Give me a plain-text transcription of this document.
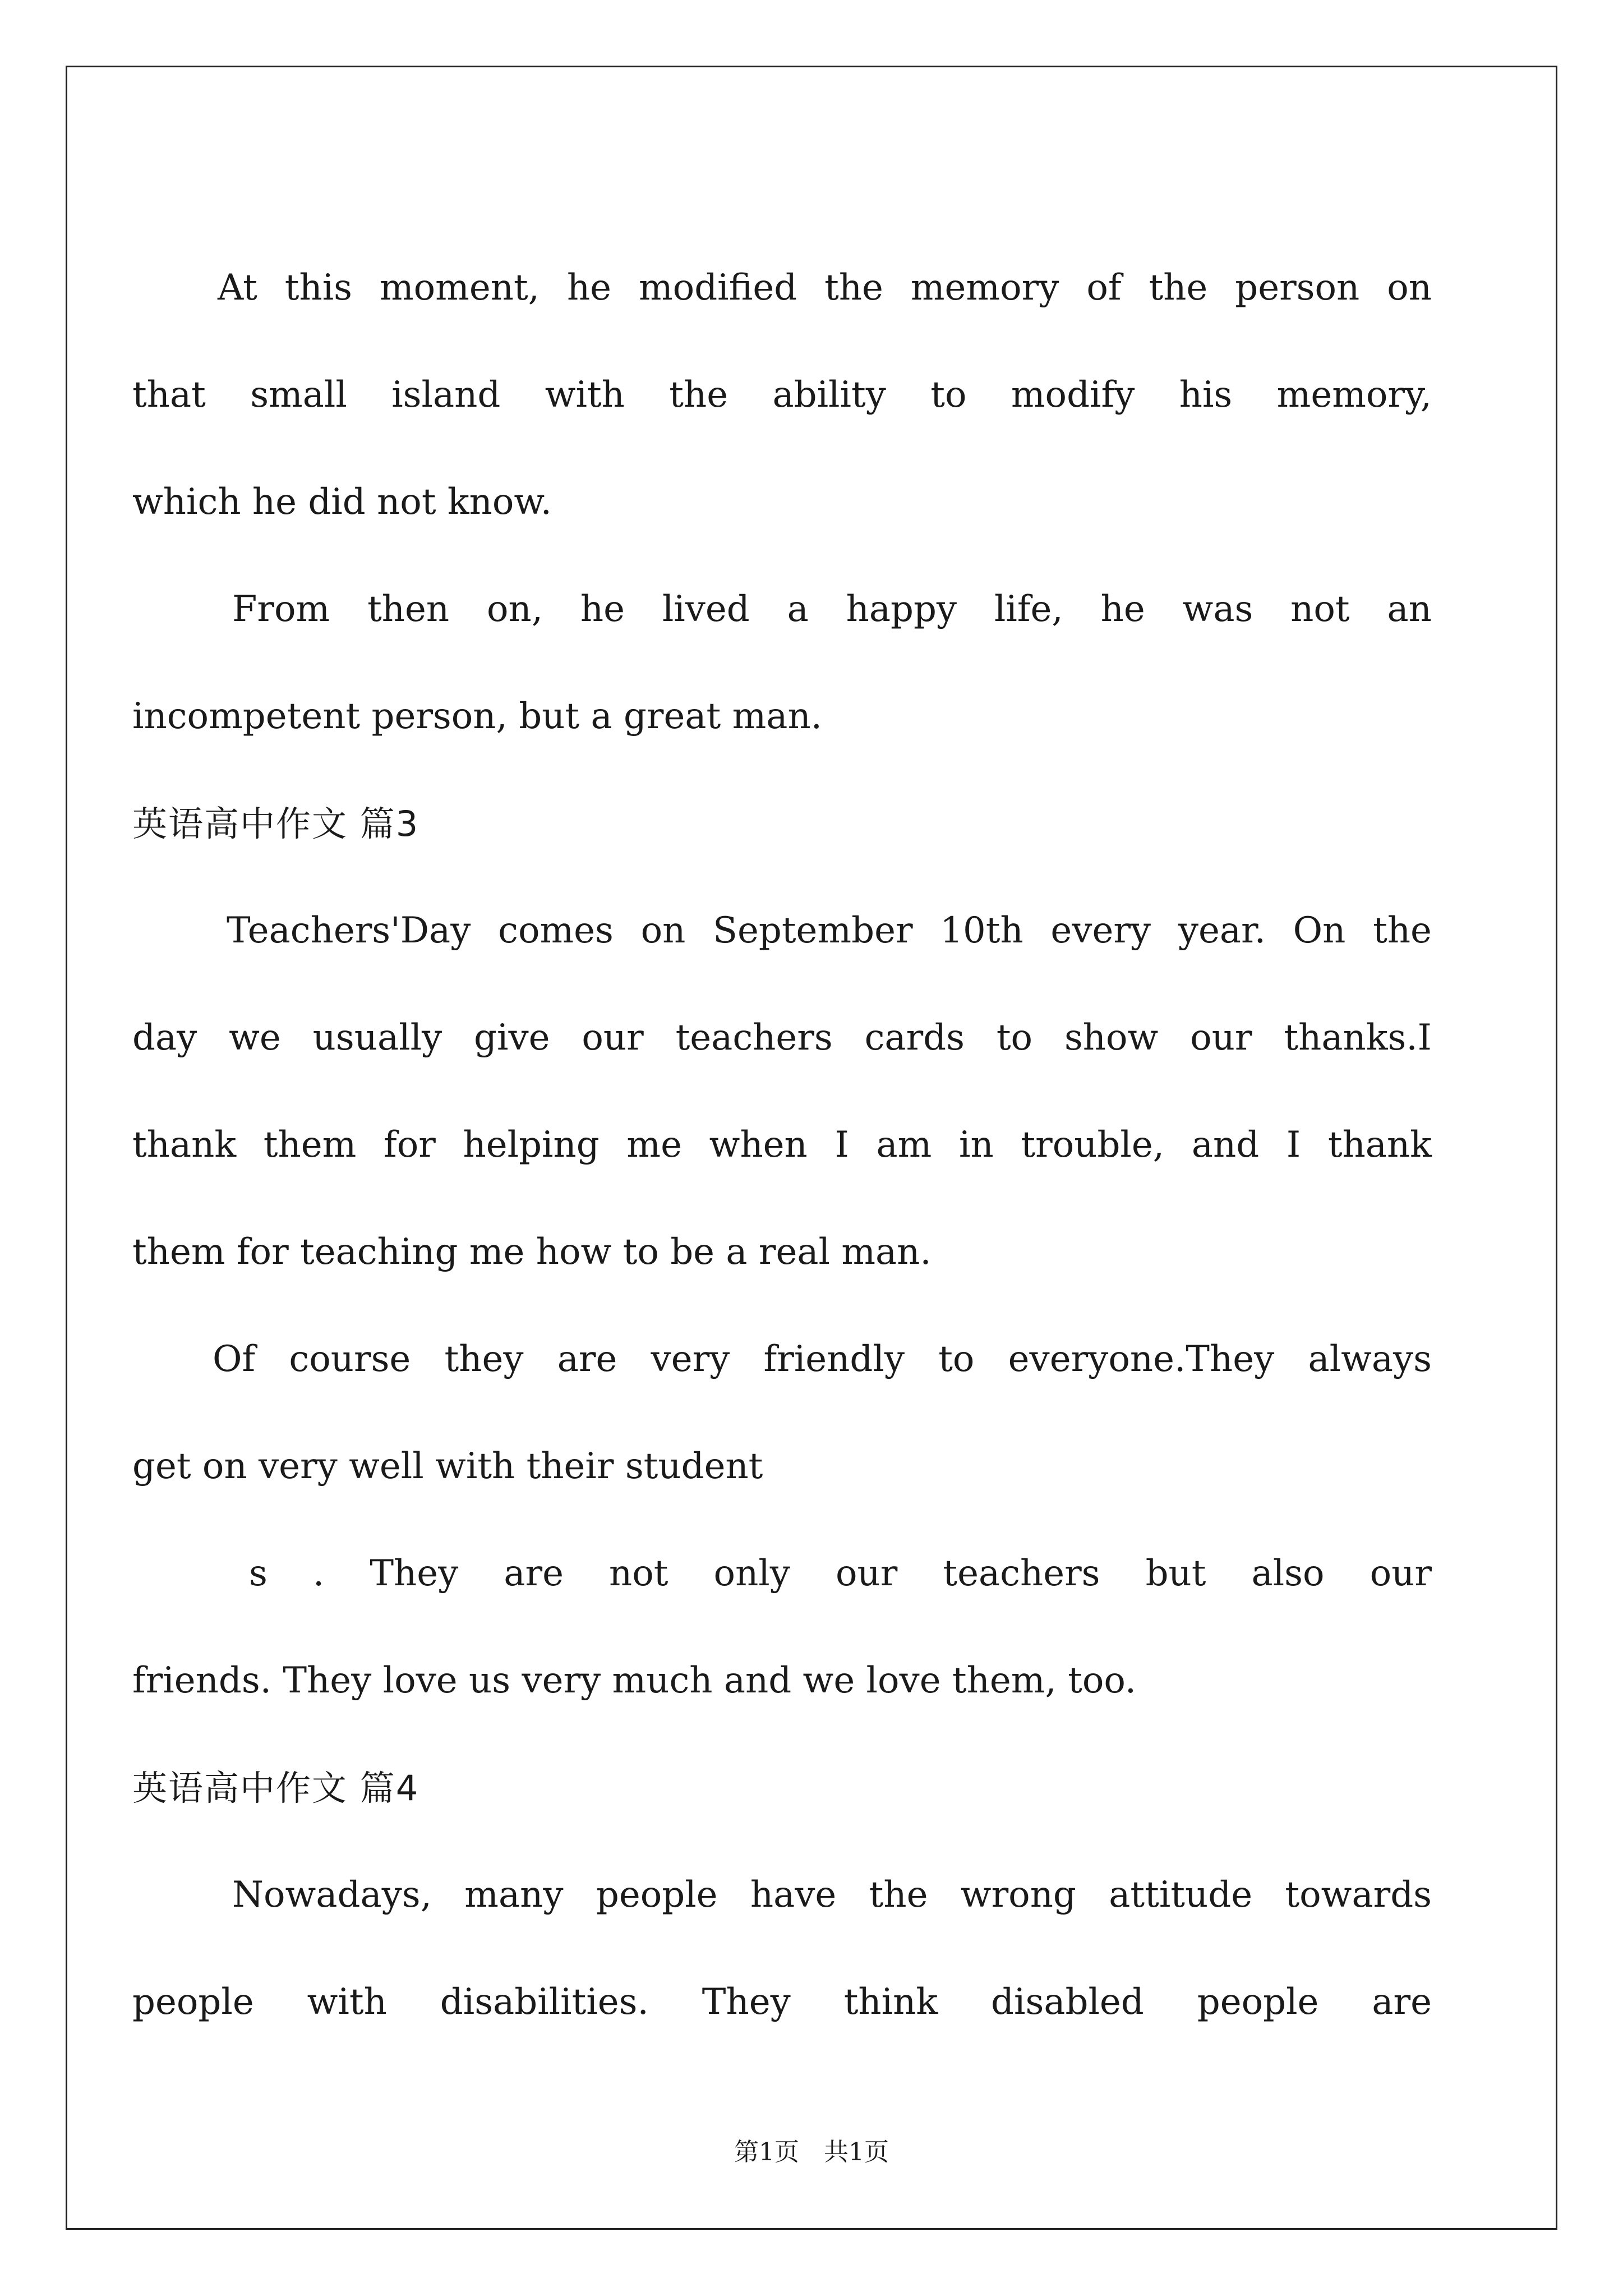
At this moment, he modified the memory of the person on
that small island with the ability to modify his memory,
which he did not know.
From then on, he lived a happy life, he was not an
incompetent person, but a great man.
英语高中作文 篇3
Teachers'Day comes on September 10th every year. On the
day we usually give our teachers cards to show our thanks.I
thank them for helping me when I am in trouble, and I thank
them for teaching me how to be a real man.
Of course they are very friendly to everyone.They always
get on very well with their student
s . They are not only our teachers but also our
friends. They love us very much and we love them, too.
英语高中作文 篇4
Nowadays, many people have the wrong attitude towards
people with disabilities. They think disabled people are
第1页　共1页
